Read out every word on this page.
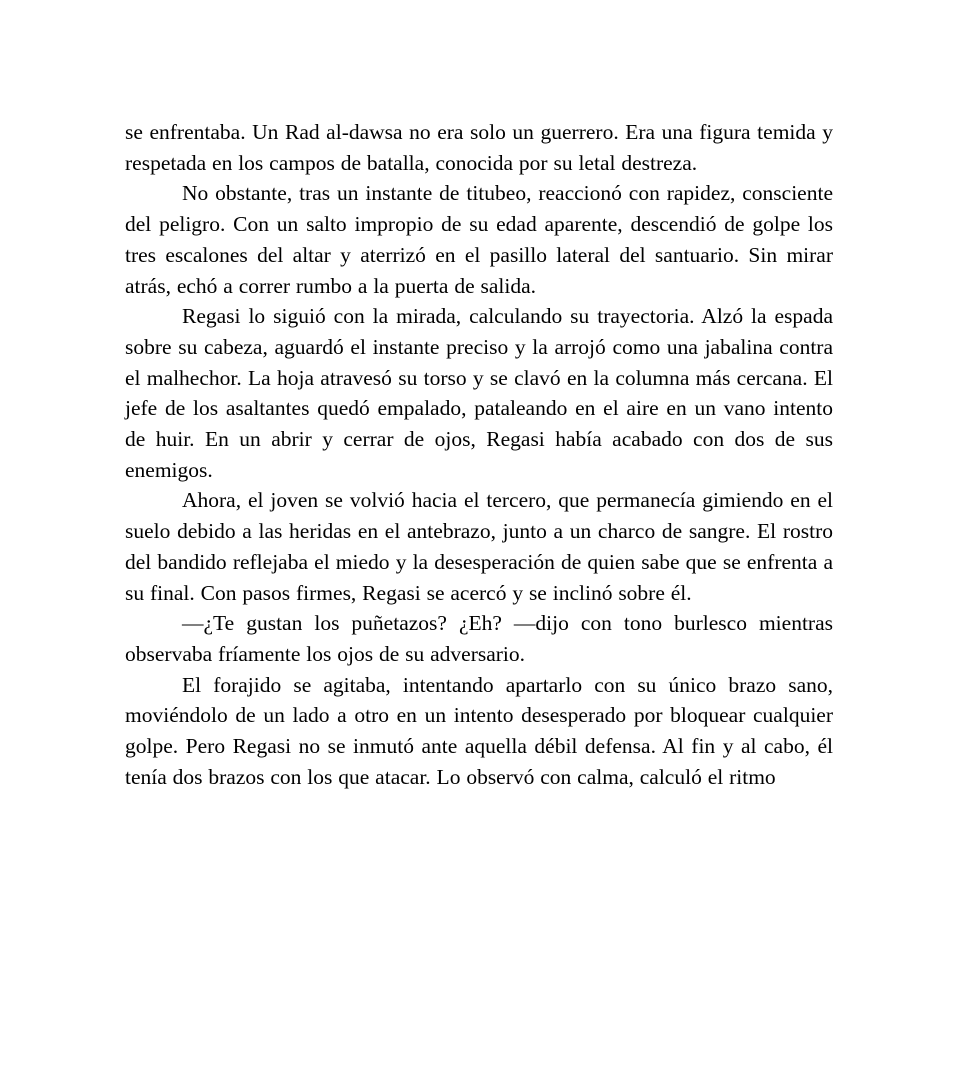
se enfrentaba. Un Rad al-dawsa no era solo un guerrero. Era una figura temida y respetada en los campos de batalla, conocida por su letal destreza.

No obstante, tras un instante de titubeo, reaccionó con rapidez, consciente del peligro. Con un salto impropio de su edad aparente, descendió de golpe los tres escalones del altar y aterrizó en el pasillo lateral del santuario. Sin mirar atrás, echó a correr rumbo a la puerta de salida.

Regasi lo siguió con la mirada, calculando su trayectoria. Alzó la espada sobre su cabeza, aguardó el instante preciso y la arrojó como una jabalina contra el malhechor. La hoja atravesó su torso y se clavó en la columna más cercana. El jefe de los asaltantes quedó empalado, pataleando en el aire en un vano intento de huir. En un abrir y cerrar de ojos, Regasi había acabado con dos de sus enemigos.

Ahora, el joven se volvió hacia el tercero, que permanecía gimiendo en el suelo debido a las heridas en el antebrazo, junto a un charco de sangre. El rostro del bandido reflejaba el miedo y la desesperación de quien sabe que se enfrenta a su final. Con pasos firmes, Regasi se acercó y se inclinó sobre él.

—¿Te gustan los puñetazos? ¿Eh? —dijo con tono burlesco mientras observaba fríamente los ojos de su adversario.

El forajido se agitaba, intentando apartarlo con su único brazo sano, moviéndolo de un lado a otro en un intento desesperado por bloquear cualquier golpe. Pero Regasi no se inmutó ante aquella débil defensa. Al fin y al cabo, él tenía dos brazos con los que atacar. Lo observó con calma, calculó el ritmo
